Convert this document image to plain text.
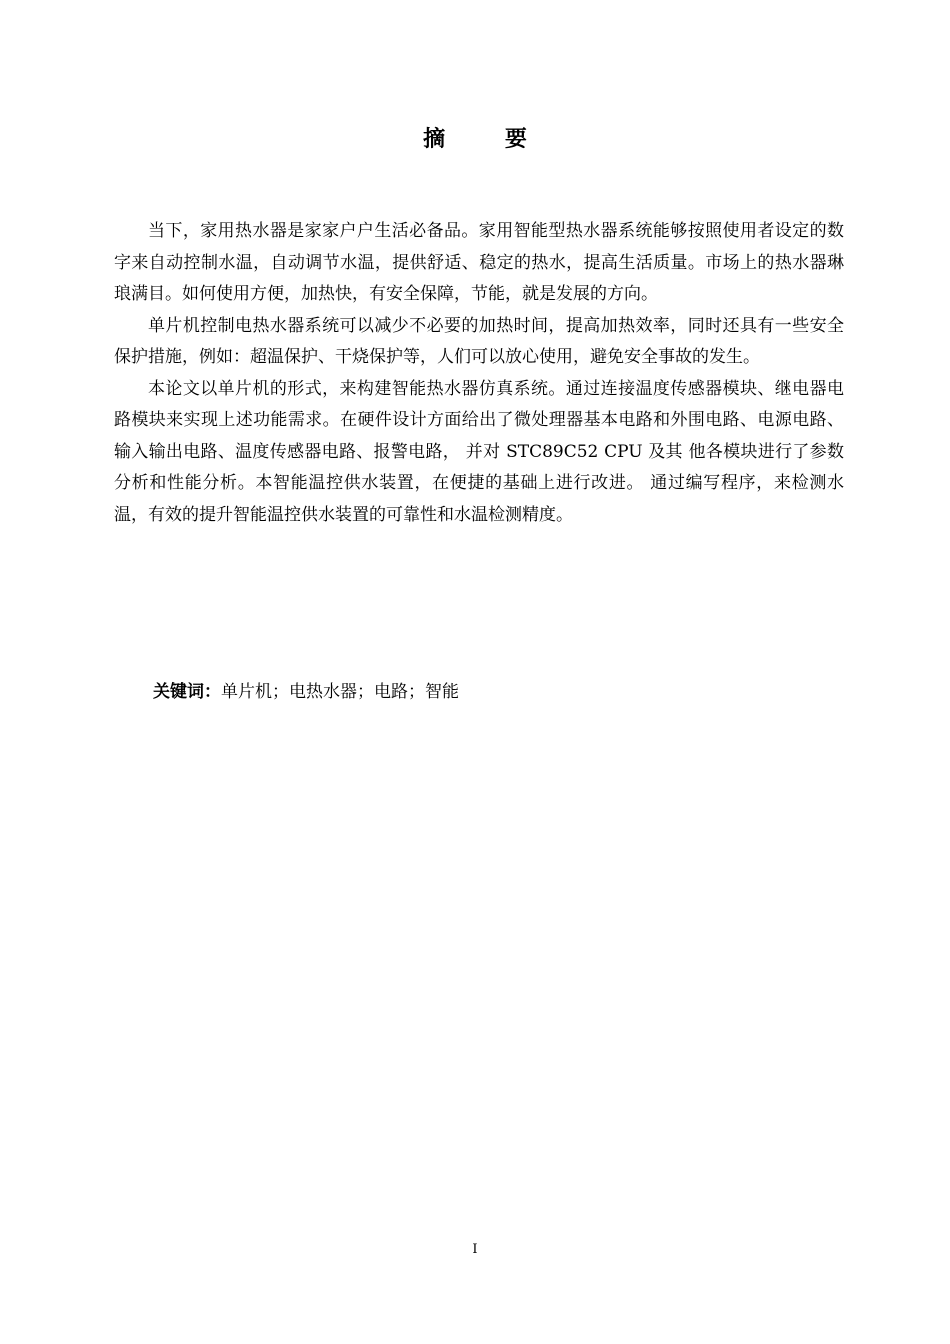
摘 要

当下，家用热水器是家家户户生活必备品。家用智能型热水器系统能够按照使用者设定的数字来自动控制水温，自动调节水温，提供舒适、稳定的热水，提高生活质量。市场上的热水器琳琅满目。如何使用方便，加热快，有安全保障，节能，就是发展的方向。

单片机控制电热水器系统可以减少不必要的加热时间，提高加热效率，同时还具有一些安全保护措施，例如：超温保护、干烧保护等，人们可以放心使用，避免安全事故的发生。

本论文以单片机的形式，来构建智能热水器仿真系统。通过连接温度传感器模块、继电器电路模块来实现上述功能需求。在硬件设计方面给出了微处理器基本电路和外围电路、电源电路、输入输出电路、温度传感器电路、报警电路， 并对 STC89C52 CPU 及其 他各模块进行了参数分析和性能分析。本智能温控供水装置，在便捷的基础上进行改进。 通过编写程序，来检测水温，有效的提升智能温控供水装置的可靠性和水温检测精度。

关键词：单片机；电热水器；电路；智能
I
